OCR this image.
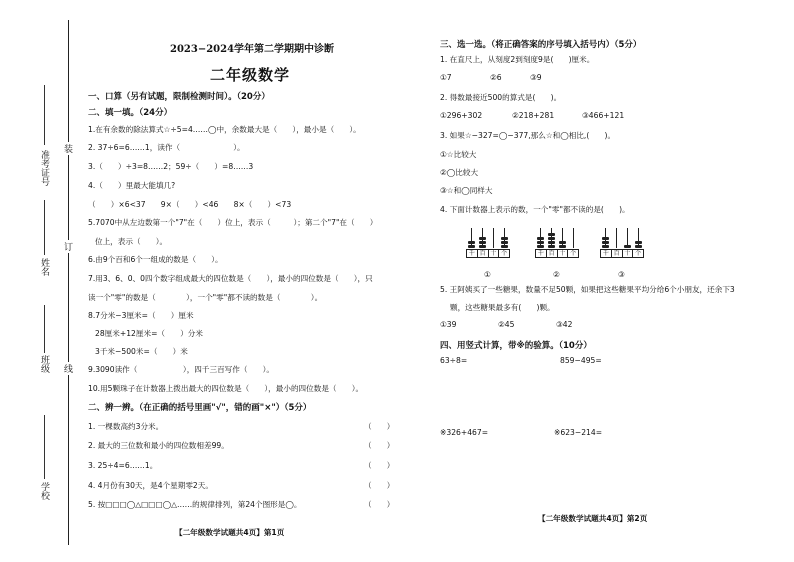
准考证号
姓名
班级
学校
装
订
线
2023−2024学年第二学期期中诊断
二年级数学
一、口算（另有试题，限制检测时间）。（20分）
二、填一填。（24分）
1.在有余数的除法算式☆÷5=4……◯中，余数最大是（　　），最小是（　　）。
2. 37÷6=6……1，读作（　　　　　　　）。
3.（　　）÷3=8……2；59÷（　　）=8……3
4.（　　）里最大能填几?
（　　）×6<37　　9×（　　）<46　　8×（　　）<73
5.7070中从左边数第一个"7"在（　　）位上，表示（　　　）；第二个"7"在（　　）
位上，表示（　　）。
6.由9个百和6个一组成的数是（　　）。
7.用3、6、0、0四个数字组成最大的四位数是（　　），最小的四位数是（　　），只
读一个"零"的数是（　　　　），一个"零"都不读的数是（　　　　）。
8.7分米−3厘米=（　　）厘米
28厘米+12厘米=（　　）分米
3千米−500米=（　　）米
9.3090读作（　　　　　　），四千三百写作（　　）。
10.用5颗珠子在计数器上拨出最大的四位数是（　　），最小的四位数是（　　）。
二、辨一辨。（在正确的括号里画"√"，错的画"×"）（5分）
1. 一棵数高约3分米。	（　　）
2. 最大的三位数和最小的四位数相差99。	（　　）
3. 25÷4=6……1。	（　　）
4. 4月份有30天，是4个星期零2天。	（　　）
5. 按□□□◯△□□□◯△……的规律排列，第24个图形是◯。	（　　）
【二年级数学试题共4页】第1页
三、选一选。（将正确答案的序号填入括号内）（5分）
1. 在直尺上，从刻度2到刻度9是(　　)厘米。
①7	②6	③9
2. 得数最接近500的算式是(　　)。
①296+302	②218+281	③466+121
3. 如果☆−327=◯−377,那么☆和◯相比,(　　)。
①☆比较大
②◯比较大
③☆和◯同样大
4. 下面计数器上表示的数，一个"零"都不读的是(　　)。
千 百 十 个
①
千 百 十 个
②
千 百 十 个
③
5. 王阿姨买了一些糖果，数量不足50颗，如果把这些糖果平均分给6个小朋友，还余下3
颗，这些糖果最多有(　　)颗。
①39	②45	③42
四、用竖式计算，带※的验算。（10分）
63÷8=	859−495=
※326+467=	※623−214=
【二年级数学试题共4页】第2页
